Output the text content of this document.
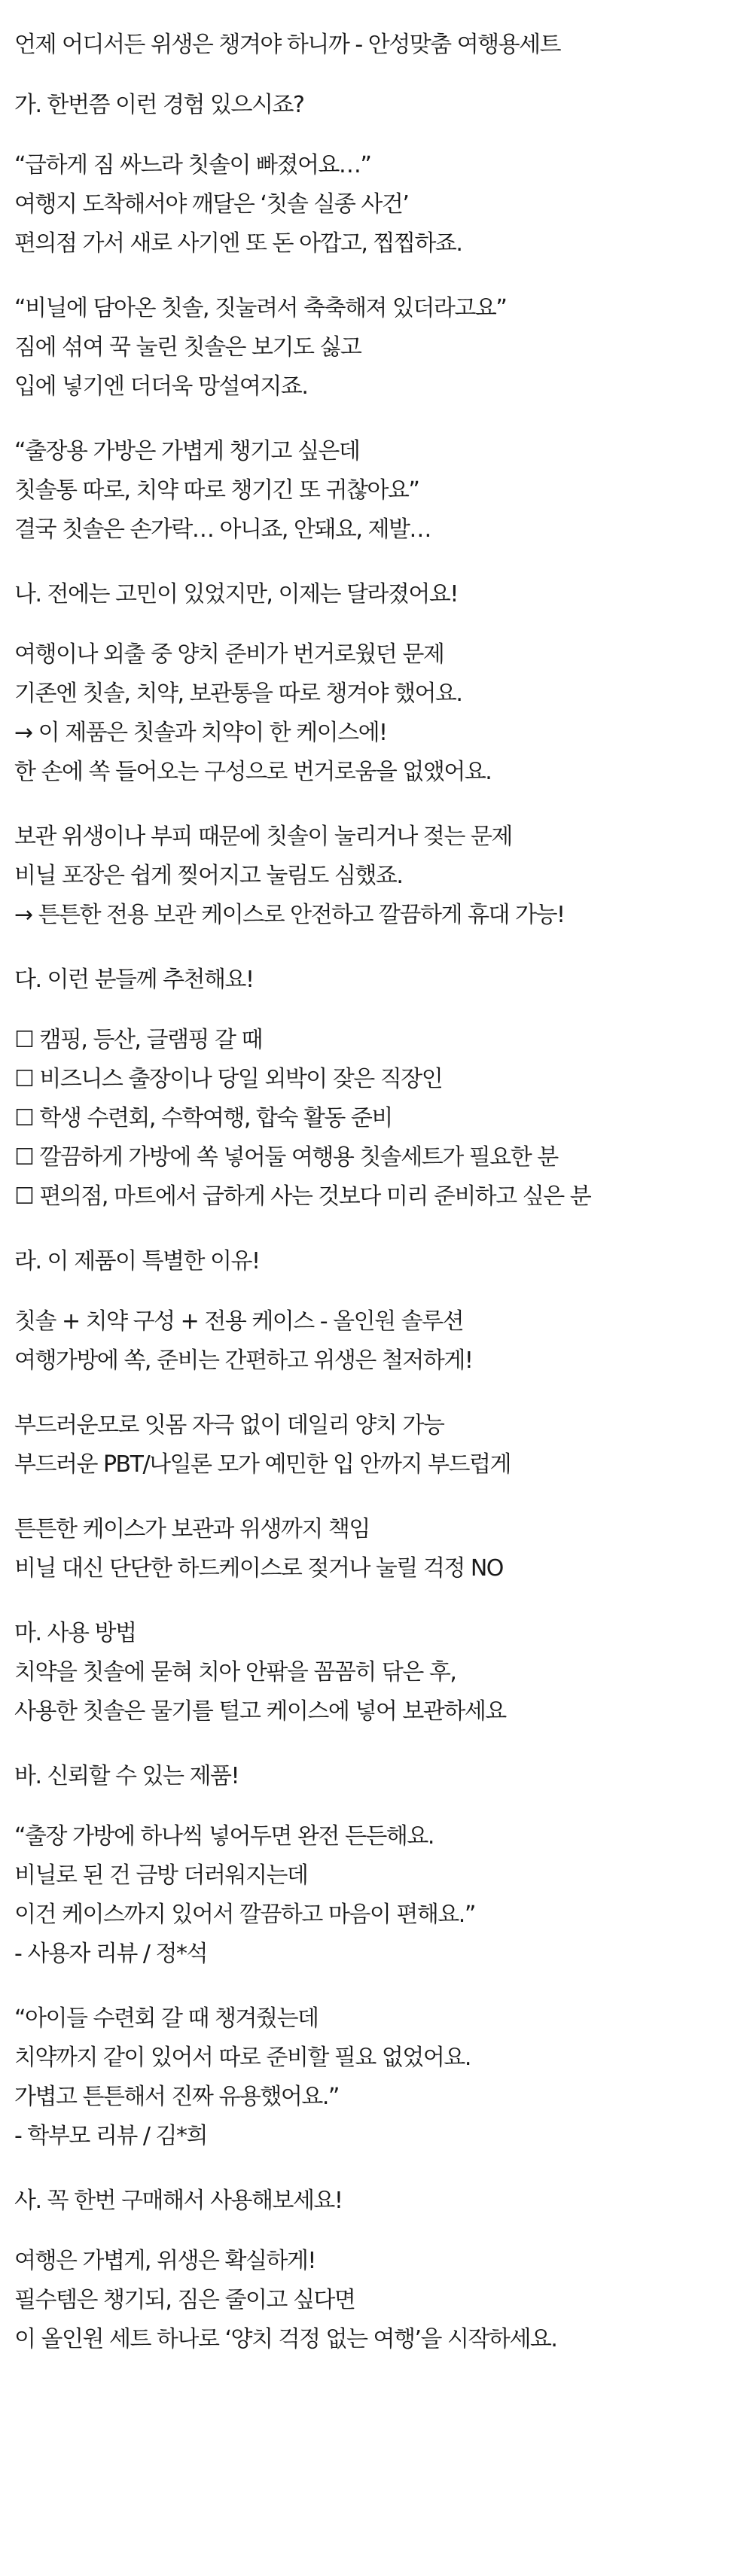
언제 어디서든 위생은 챙겨야 하니까 - 안성맞춤 여행용세트
가. 한번쯤 이런 경험 있으시죠?
“급하게 짐 싸느라 칫솔이 빠졌어요…”
여행지 도착해서야 깨달은 ‘칫솔 실종 사건’
편의점 가서 새로 사기엔 또 돈 아깝고, 찝찝하죠.
“비닐에 담아온 칫솔, 짓눌려서 축축해져 있더라고요”
짐에 섞여 꾹 눌린 칫솔은 보기도 싫고
입에 넣기엔 더더욱 망설여지죠.
“출장용 가방은 가볍게 챙기고 싶은데
칫솔통 따로, 치약 따로 챙기긴 또 귀찮아요”
결국 칫솔은 손가락… 아니죠, 안돼요, 제발…
나. 전에는 고민이 있었지만, 이제는 달라졌어요!
여행이나 외출 중 양치 준비가 번거로웠던 문제
기존엔 칫솔, 치약, 보관통을 따로 챙겨야 했어요.
→ 이 제품은 칫솔과 치약이 한 케이스에!
한 손에 쏙 들어오는 구성으로 번거로움을 없앴어요.
보관 위생이나 부피 때문에 칫솔이 눌리거나 젖는 문제
비닐 포장은 쉽게 찢어지고 눌림도 심했죠.
→ 튼튼한 전용 보관 케이스로 안전하고 깔끔하게 휴대 가능!
다. 이런 분들께 추천해요!
☐ 캠핑, 등산, 글램핑 갈 때
☐ 비즈니스 출장이나 당일 외박이 잦은 직장인
☐ 학생 수련회, 수학여행, 합숙 활동 준비
☐ 깔끔하게 가방에 쏙 넣어둘 여행용 칫솔세트가 필요한 분
☐ 편의점, 마트에서 급하게 사는 것보다 미리 준비하고 싶은 분
라. 이 제품이 특별한 이유!
칫솔 + 치약 구성 + 전용 케이스 - 올인원 솔루션
여행가방에 쏙, 준비는 간편하고 위생은 철저하게!
부드러운모로 잇몸 자극 없이 데일리 양치 가능
부드러운 PBT/나일론 모가 예민한 입 안까지 부드럽게
튼튼한 케이스가 보관과 위생까지 책임
비닐 대신 단단한 하드케이스로 젖거나 눌릴 걱정 NO
마. 사용 방법
치약을 칫솔에 묻혀 치아 안팎을 꼼꼼히 닦은 후,
사용한 칫솔은 물기를 털고 케이스에 넣어 보관하세요
바. 신뢰할 수 있는 제품!
“출장 가방에 하나씩 넣어두면 완전 든든해요.
비닐로 된 건 금방 더러워지는데
이건 케이스까지 있어서 깔끔하고 마음이 편해요.”
- 사용자 리뷰 / 정*석
“아이들 수련회 갈 때 챙겨줬는데
치약까지 같이 있어서 따로 준비할 필요 없었어요.
가볍고 튼튼해서 진짜 유용했어요.”
- 학부모 리뷰 / 김*희
사. 꼭 한번 구매해서 사용해보세요!
여행은 가볍게, 위생은 확실하게!
필수템은 챙기되, 짐은 줄이고 싶다면
이 올인원 세트 하나로 ‘양치 걱정 없는 여행’을 시작하세요.
